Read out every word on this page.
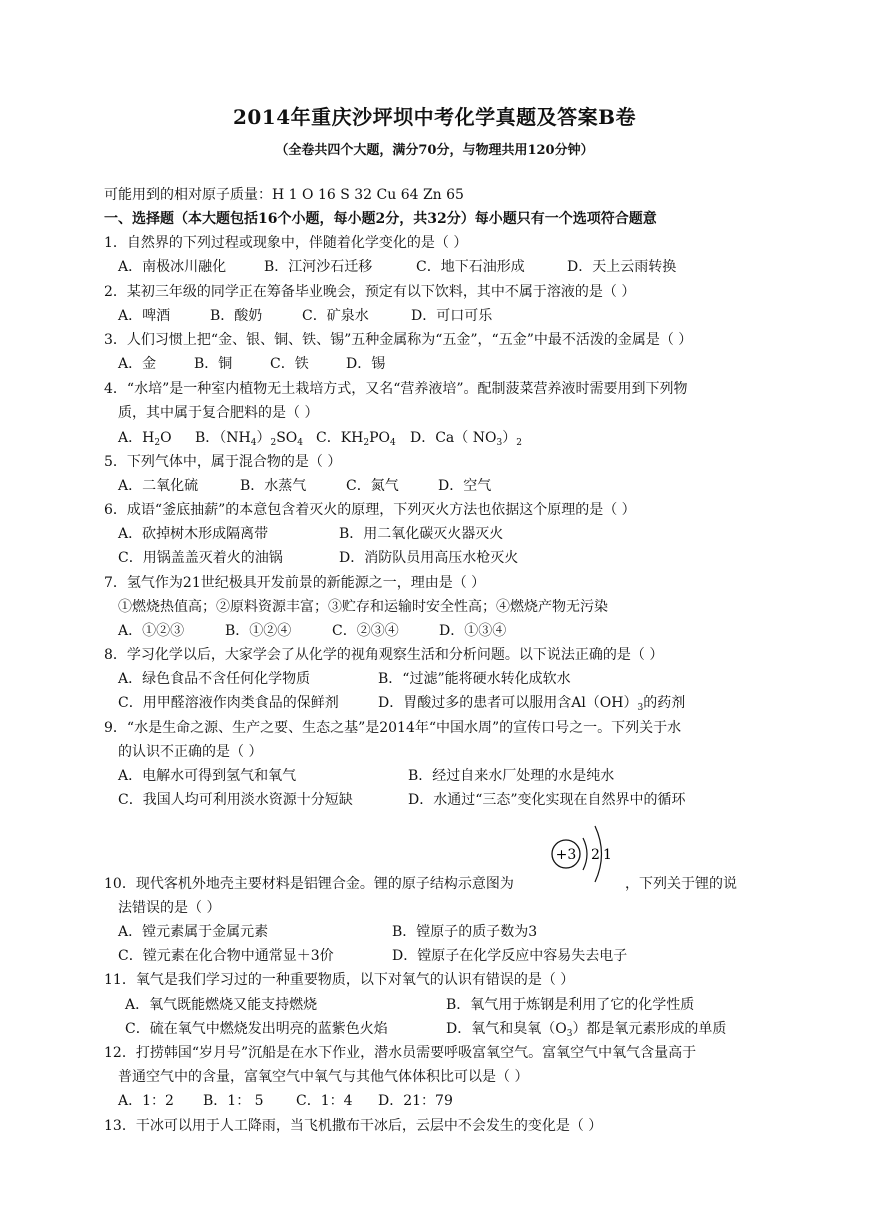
2014年重庆沙坪坝中考化学真题及答案B卷
（全卷共四个大题，满分70分，与物理共用120分钟）
可能用到的相对原子质量：H 1 O 16 S 32 Cu 64 Zn 65
一、选择题（本大题包括16个小题，每小题2分，共32分）每小题只有一个选项符合题意
1．自然界的下列过程或现象中，伴随着化学变化的是（ ）
A．南极冰川融化	B．江河沙石迁移	C．地下石油形成	D．天上云雨转换
2．某初三年级的同学正在筹备毕业晚会，预定有以下饮料，其中不属于溶液的是（ ）
A．啤酒	B．酸奶	C．矿泉水	D．可口可乐
3．人们习惯上把“金、银、铜、铁、锡”五种金属称为“五金”，“五金”中最不活泼的金属是（ ）
A．金	B．铜	C．铁	D．锡
4．“水培”是一种室内植物无土栽培方式，又名“营养液培”。配制菠菜营养液时需要用到下列物
质，其中属于复合肥料的是（ ）
A．$H_2O$ B．$(NH_4)_2SO_4$ C．$KH_2PO_4$ D．Ca（ $NO_3)_2$
5．下列气体中，属于混合物的是（ ）
A．二氧化硫	B．水蒸气	C．氮气	D．空气
6．成语“釜底抽薪”的本意包含着灭火的原理，下列灭火方法也依据这个原理的是（ ）
A．砍掉树木形成隔离带	B．用二氧化碳灭火器灭火
C．用锅盖盖灭着火的油锅	D．消防队员用高压水枪灭火
7．氢气作为21世纪极具开发前景的新能源之一，理由是（ ）
①燃烧热值高；②原料资源丰富；③贮存和运输时安全性高；④燃烧产物无污染
A．①②③	B．①②④	C．②③④	D．①③④
8．学习化学以后，大家学会了从化学的视角观察生活和分析问题。以下说法正确的是（ ）
A．绿色食品不含任何化学物质	B．“过滤”能将硬水转化成软水
C．用甲醛溶液作肉类食品的保鲜剂	D．胃酸过多的患者可以服用含$Al(OH)_3$的药剂
9．“水是生命之源、生产之要、生态之基”是2014年“中国水周”的宣传口号之一。下列关于水
的认识不正确的是（ ）
A．电解水可得到氢气和氧气	B．经过自来水厂处理的水是纯水
C．我国人均可利用淡水资源十分短缺	D．水通过“三态”变化实现在自然界中的循环
+3 2 1
10．现代客机外地壳主要材料是铝锂合金。锂的原子结构示意图为	，下列关于锂的说
法错误的是（ ）
A．镗元素属于金属元素	B．镗原子的质子数为3
C．镗元素在化合物中通常显＋3价	D．镗原子在化学反应中容易失去电子
11．氧气是我们学习过的一种重要物质，以下对氧气的认识有错误的是（ ）
A．氧气既能燃烧又能支持燃烧	B．氧气用于炼钢是利用了它的化学性质
C．硫在氧气中燃烧发出明亮的蓝紫色火焰	D．氧气和臭氧$(O_3)$都是氧元素形成的单质
12．打捞韩国“岁月号”沉船是在水下作业，潜水员需要呼吸富氧空气。富氧空气中氧气含量高于
普通空气中的含量，富氧空气中氧气与其他气体体积比可以是（ ）
A．1：2 B．1： 5 C．1：4 D．21：79
13．干冰可以用于人工降雨，当飞机撒布干冰后，云层中不会发生的变化是（ ）
